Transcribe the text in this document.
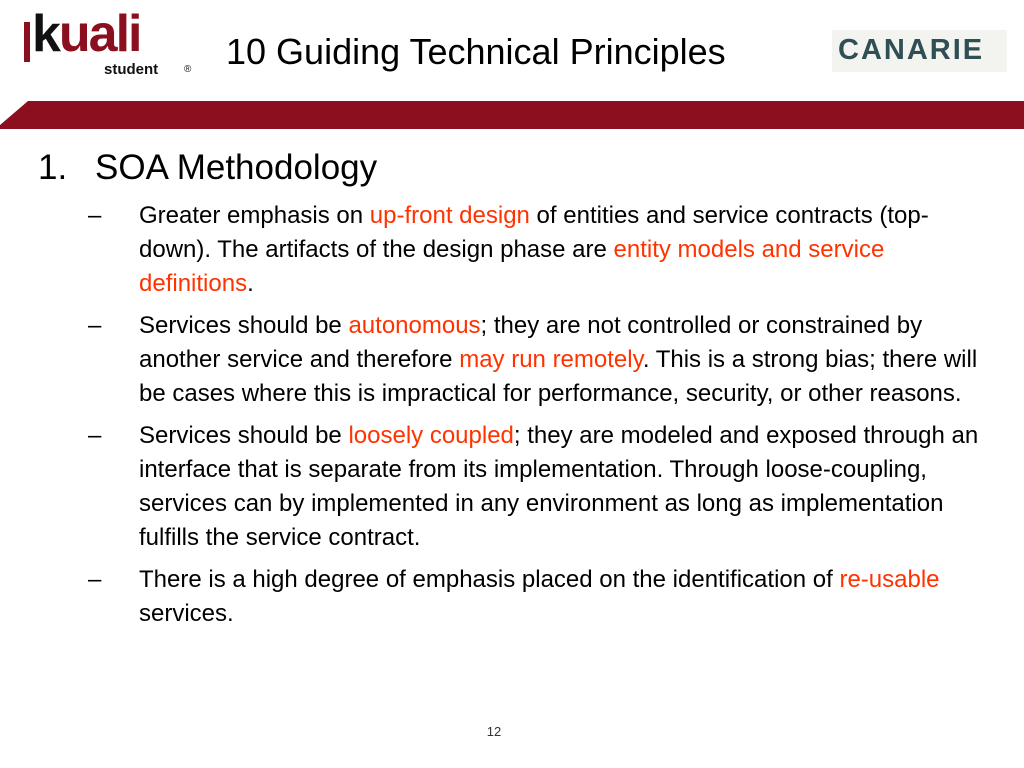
kuali
student	® 10 Guiding Technical Principles	CANARIE
1. SOA Methodology
– Greater emphasis on up-front design of entities and service contracts (top-down). The artifacts of the design phase are entity models and service definitions.
– Services should be autonomous; they are not controlled or constrained by another service and therefore may run remotely. This is a strong bias; there will be cases where this is impractical for performance, security, or other reasons.
– Services should be loosely coupled; they are modeled and exposed through an interface that is separate from its implementation. Through loose-coupling, services can by implemented in any environment as long as implementation fulfills the service contract.
– There is a high degree of emphasis placed on the identification of re-usable services.
12
